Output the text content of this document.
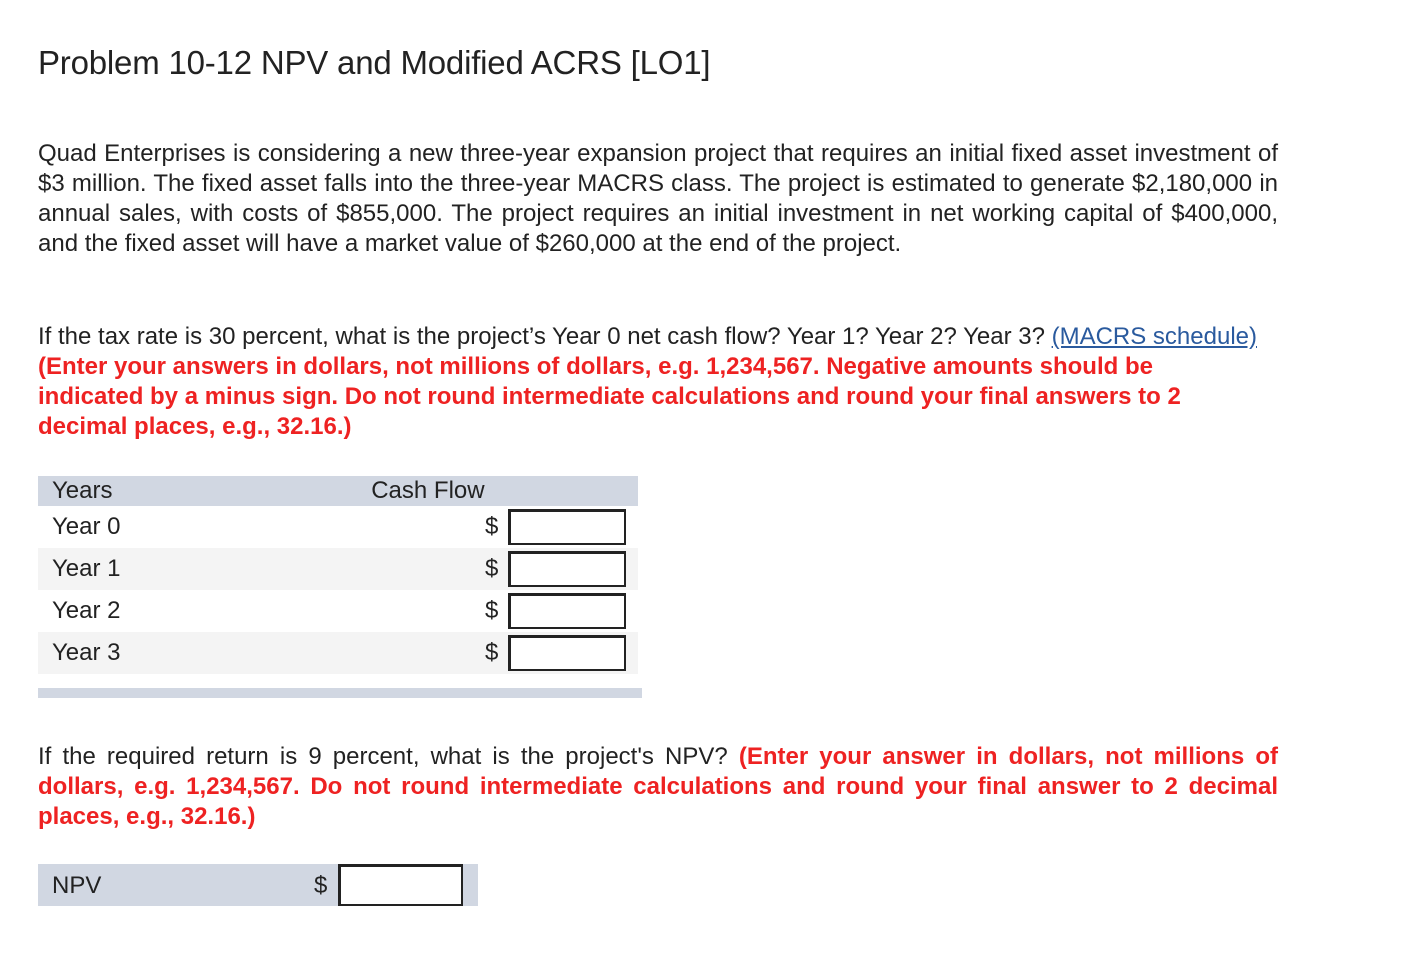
Problem 10-12 NPV and Modified ACRS [LO1]

Quad Enterprises is considering a new three-year expansion project that requires an initial fixed asset investment of $3 million. The fixed asset falls into the three-year MACRS class. The project is estimated to generate $2,180,000 in annual sales, with costs of $855,000. The project requires an initial investment in net working capital of $400,000, and the fixed asset will have a market value of $260,000 at the end of the project.

If the tax rate is 30 percent, what is the project’s Year 0 net cash flow? Year 1? Year 2? Year 3? (MACRS schedule) (Enter your answers in dollars, not millions of dollars, e.g. 1,234,567. Negative amounts should be indicated by a minus sign. Do not round intermediate calculations and round your final answers to 2 decimal places, e.g., 32.16.)

Years	Cash Flow	
Year 0	$	

Year 1	$	

Year 2	$	

Year 3	$	

If the required return is 9 percent, what is the project's NPV? (Enter your answer in dollars, not millions of dollars, e.g. 1,234,567. Do not round intermediate calculations and round your final answer to 2 decimal places, e.g., 32.16.)

NPV	$
